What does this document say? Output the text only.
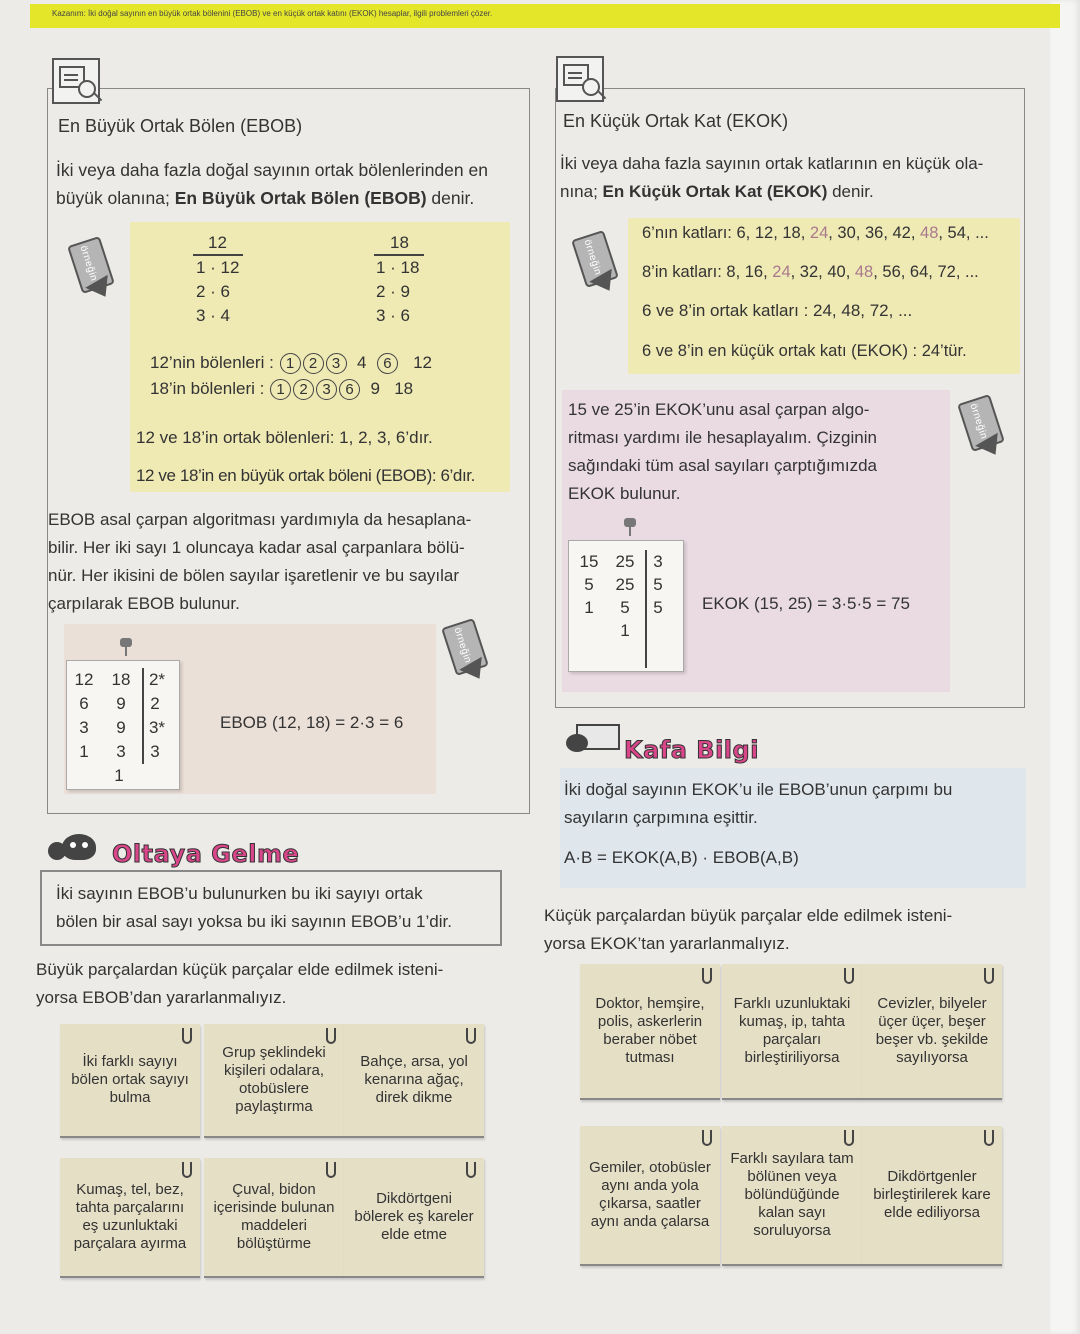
Kazanım: İki doğal sayının en büyük ortak bölenini (EBOB) ve en küçük ortak katını (EKOK) hesaplar, ilgili problemleri çözer.
En Büyük Ortak Bölen (EBOB)
İki veya daha fazla doğal sayının ortak bölenlerinden en
büyük olanına; En Büyük Ortak Bölen (EBOB) denir.
örneğin
12
1 · 12
2 · 6
3 · 4
18
1 · 18
2 · 9
3 · 6
12’nin bölenleri : 1 2 3 4 6 12
18’in bölenleri : 1 2 3 6 9 18
12 ve 18’in ortak bölenleri: 1, 2, 3, 6’dır.
12 ve 18’in en büyük ortak böleni (EBOB): 6’dır.
EBOB asal çarpan algoritması yardımıyla da hesaplana-
bilir. Her iki sayı 1 oluncaya kadar asal çarpanlara bölü-
nür. Her ikisini de bölen sayılar işaretlenir ve bu sayılar
çarpılarak EBOB bulunur.
örneğin
12
6
3
1
18
9
9
3
1
2*
2
3*
3
EBOB (12, 18) = 2·3 = 6
Oltaya Gelme
İki sayının EBOB’u bulunurken bu iki sayıyı ortak
bölen bir asal sayı yoksa bu iki sayının EBOB’u 1’dir.
Büyük parçalardan küçük parçalar elde edilmek isteni-
yorsa EBOB’dan yararlanmalıyız.
İki farklı sayıyı bölen ortak sayıyı bulma
Grup şeklindeki kişileri odalara, otobüslere paylaştırma
Bahçe, arsa, yol kenarına ağaç, direk dikme
Kumaş, tel, bez, tahta parçalarını eş uzunluktaki parçalara ayırma
Çuval, bidon içerisinde bulunan maddeleri bölüştürme
Dikdörtgeni bölerek eş kareler elde etme
En Küçük Ortak Kat (EKOK)
İki veya daha fazla sayının ortak katlarının en küçük ola-
nına; En Küçük Ortak Kat (EKOK) denir.
örneğin
6’nın katları: 6, 12, 18, 24, 30, 36, 42, 48, 54, ...
8’in katları: 8, 16, 24, 32, 40, 48, 56, 64, 72, ...
6 ve 8’in ortak katları : 24, 48, 72, ...
6 ve 8’in en küçük ortak katı (EKOK) : 24’tür.
15 ve 25’in EKOK’unu asal çarpan algo-
ritması yardımı ile hesaplayalım. Çizginin
sağındaki tüm asal sayıları çarptığımızda
EKOK bulunur.
örneğin
15
5
1
25
25
5
1
3
5
5	EKOK (15, 25) = 3·5·5 = 75
Kafa Bilgi
İki doğal sayının EKOK’u ile EBOB’unun çarpımı bu
sayıların çarpımına eşittir.
A·B = EKOK(A,B) · EBOB(A,B)
Küçük parçalardan büyük parçalar elde edilmek isteni-
yorsa EKOK’tan yararlanmalıyız.
Doktor, hemşire, polis, askerlerin beraber nöbet tutması
Farklı uzunluktaki kumaş, ip, tahta parçaları birleştiriliyorsa
Cevizler, bilyeler üçer üçer, beşer beşer vb. şekilde sayılıyorsa
Gemiler, otobüsler aynı anda yola çıkarsa, saatler aynı anda çalarsa
Farklı sayılara tam bölünen veya bölündüğünde kalan sayı soruluyorsa
Dikdörtgenler birleştirilerek kare elde ediliyorsa
